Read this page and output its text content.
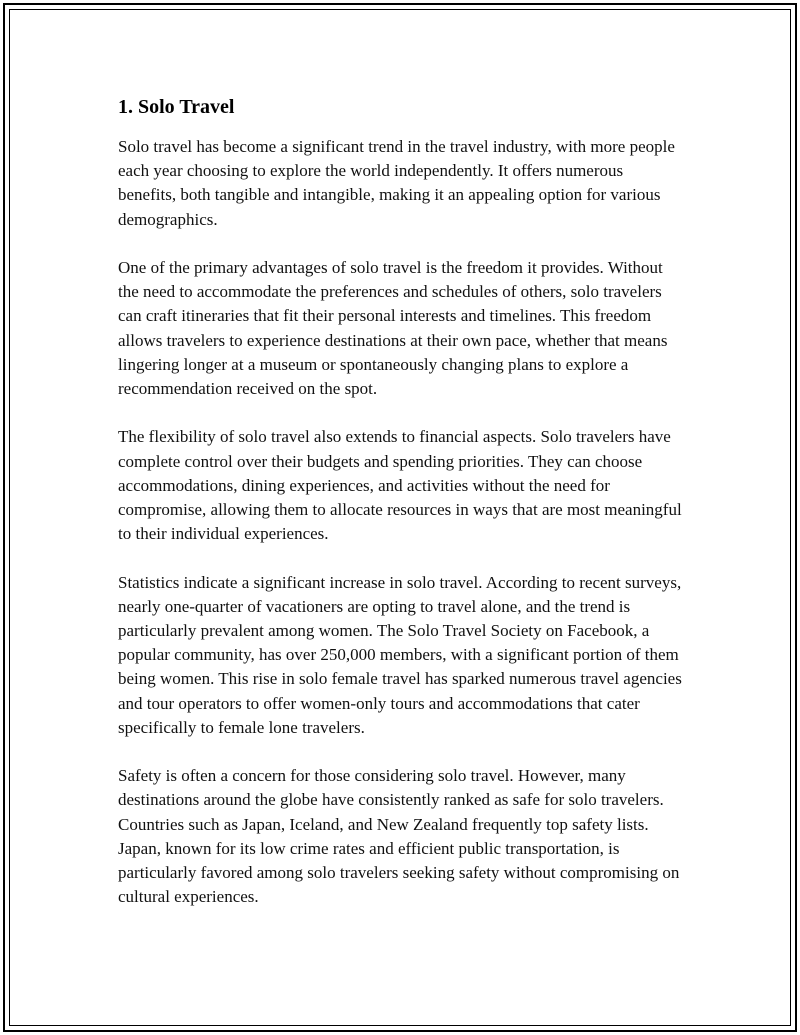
1. Solo Travel

Solo travel has become a significant trend in the travel industry, with more people each year choosing to explore the world independently. It offers numerous benefits, both tangible and intangible, making it an appealing option for various demographics.

One of the primary advantages of solo travel is the freedom it provides. Without the need to accommodate the preferences and schedules of others, solo travelers can craft itineraries that fit their personal interests and timelines. This freedom allows travelers to experience destinations at their own pace, whether that means lingering longer at a museum or spontaneously changing plans to explore a recommendation received on the spot.

The flexibility of solo travel also extends to financial aspects. Solo travelers have complete control over their budgets and spending priorities. They can choose accommodations, dining experiences, and activities without the need for compromise, allowing them to allocate resources in ways that are most meaningful to their individual experiences.

Statistics indicate a significant increase in solo travel. According to recent surveys, nearly one-quarter of vacationers are opting to travel alone, and the trend is particularly prevalent among women. The Solo Travel Society on Facebook, a popular community, has over 250,000 members, with a significant portion of them being women. This rise in solo female travel has sparked numerous travel agencies and tour operators to offer women-only tours and accommodations that cater specifically to female lone travelers.

Safety is often a concern for those considering solo travel. However, many destinations around the globe have consistently ranked as safe for solo travelers. Countries such as Japan, Iceland, and New Zealand frequently top safety lists. Japan, known for its low crime rates and efficient public transportation, is particularly favored among solo travelers seeking safety without compromising on cultural experiences.
